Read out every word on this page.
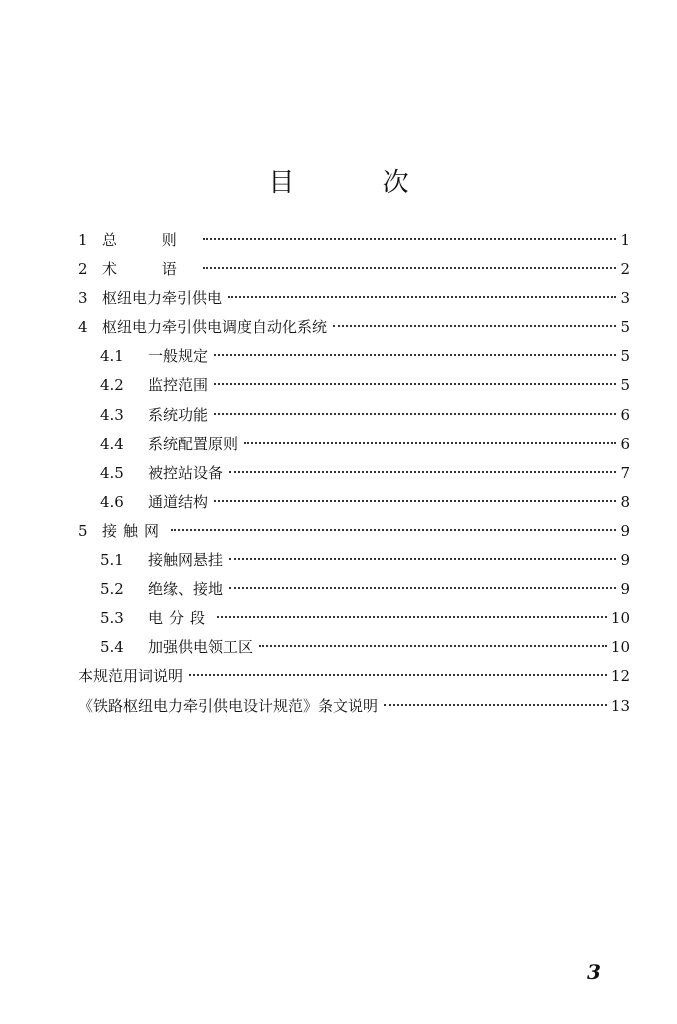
目 次
1 总 则	1
2 术 语	2
3 枢纽电力牵引供电	3
4 枢纽电力牵引供电调度自动化系统	5
4.1	一般规定	5
4.2	监控范围	5
4.3	系统功能	6
4.4	系统配置原则	6
4.5	被控站设备	7
4.6	通道结构	8
5 接触网	9
5.1	接触网悬挂	9
5.2	绝缘、接地	9
5.3	电分段	10
5.4	加强供电领工区	10
本规范用词说明	12
《铁路枢纽电力牵引供电设计规范》条文说明	13
3
